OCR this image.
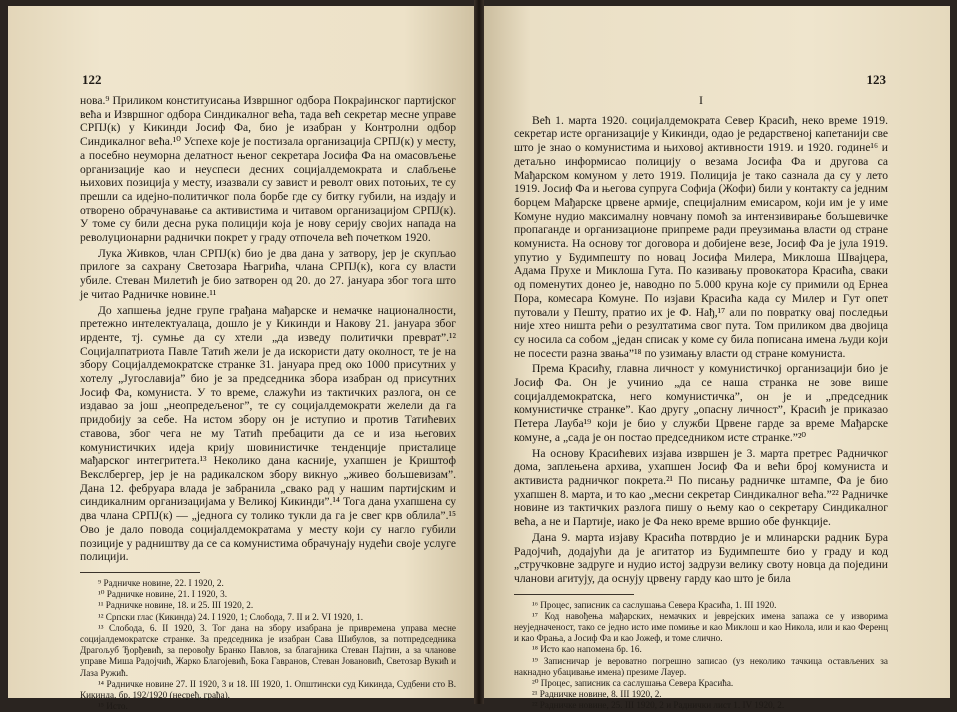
122

нова.⁹ Приликом конституисања Извршног одбора Покрајинског партијског већа и Извршног одбора Синдикалног већа, тада већ секретар месне управе СРПЈ(к) у Кикинди Јосиф Фа, био је изабран у Контролни одбор Синдикалног већа.¹⁰ Успехе које је постизала организација СРПЈ(к) у месту, а посебно неуморна делатност њеног секретара Јосифа Фа на омасовљење организације као и неуспеси десних социјалдемократа и слабљење њихових позиција у месту, изазвали су завист и револт ових потоњих, те су прешли са идејно-политичког пола борбе где су битку губили, на издају и отворено обрачунавање са активистима и читавом организацијом СРПЈ(к). У томе су били десна рука полицији која је нову серију својих напада на револуционарни раднички покрет у граду отпочела већ почетком 1920.

Лука Живков, члан СРПЈ(к) био је два дана у затвору, јер је скупљао прилоге за сахрану Светозара Њагрића, члана СРПЈ(к), кога су власти убиле. Стеван Милетић је био затворен од 20. до 27. јануара због тога што је читао Радничке новине.¹¹

До хапшења једне групе грађана мађарске и немачке националности, претежно интелектуалаца, дошло је у Кикинди и Накову 21. јануара због ирденте, тј. сумње да су хтели „да изведу политички преврат”.¹² Социјалпатриота Павле Татић жели је да искористи дату околност, те је на збору Социјалдемократске странке 31. јануара пред око 1000 присутних у хотелу „Југославија” био је за председника збора изабран од присутних Јосиф Фа, комуниста. У то време, слажући из тактичких разлога, он се издавао за још „неопредељеног”, те су социјалдемократи желели да га придобију за себе. На истом збору он је иступио и против Татићевих ставова, због чега не му Татић пребацити да се и иза његових комунистичких идеја крију шовинистичке тенденције присталице мађарског интегритета.¹³ Неколико дана касније, ухапшен је Криштоф Векслбергер, јер је на радикалском збору викнуо „живео бољшевизам”. Дана 12. фебруара влада је забранила „свакo рад у нашим партијским и синдикалним организацијама у Великој Кикинди”.¹⁴ Тога дана ухапшена су два члана СРПЈ(к) — „једнога су толико тукли да га је свег крв облила”.¹⁵ Ово је дало повода социјалдемократама у месту који су нагло губили позиције у радништву да се са комунистима обрачунају нудећи своје услуге полицији.

⁹ Радничке новине, 22. I 1920, 2.
¹⁰ Радничке новине, 21. I 1920, 3.
¹¹ Радничке новине, 18. и 25. III 1920, 2.
¹² Српски глас (Кикинда) 24. I 1920, 1; Слобода, 7. II и 2. VI 1920, 1.
¹³ Слобода, 6. II 1920, 3. Тог дана на збору изабрана је привремена управа месне социјалдемократске странке. За председника је изабран Сава Шибулов, за потпредседника Драгољуб Ђорђевић, за перовођу Бранко Павлов, за благајника Стеван Пајтин, а за чланове управе Миша Радојчић, Жарко Благојевић, Бока Гавранов, Стеван Јовановић, Светозар Вукић и Лаза Ружић.
¹⁴ Радничке новине 27. II 1920, 3 и 18. III 1920, 1. Општински суд Кикинда, Судбени сто В. Кикинда, бр. 192/1920 (несређ. грађа).
¹⁵ Исто.
123
I

Већ 1. марта 1920. социјалдемократа Север Красић, неко време 1919. секретар исте организације у Кикинди, одао је редарственој капетанији све што је знао о комунистима и њиховој активности 1919. и 1920. године¹⁶ и детаљно информисао полицију о везама Јосифа Фа и другова са Мађарском комуном у лето 1919. Полиција је тако сазнала да су у лето 1919. Јосиф Фа и његова супруга Софија (Жофи) били у контакту са једним борцем Мађарске црвене армије, специјалним емисаром, који им је у име Комуне нудио максималну новчану помоћ за интензивирање бољшевичке пропаганде и организационе припреме ради преузимања власти од стране комуниста. На основу тог договора и добијене везе, Јосиф Фа је јула 1919. упутио у Будимпешту по новац Јосифа Милера, Миклоша Шваjцера, Адама Прухе и Миклоша Гута. По казивању провокатора Красића, сваки од поменутих донео је, наводно по 5.000 круна које су примили од Ернеа Пора, комесара Комуне. По изјави Красића када су Милер и Гут опет путовали у Пешту, пратио их је Ф. Нађ,¹⁷ али по повратку овај последњи није хтео ништа рећи о резултатима свог пута. Том приликом два двојица су носила са собом „један списак у коме су била пописана имена људи који не посести разна звања”¹⁸ по узимању власти од стране комуниста.

Према Красићу, главна личност у комунистичкој организацији био је Јосиф Фа. Он је учинио „да се наша странка не зове више социјалдемократска, него комунистичка”, он је и „председник комунистичке странке”. Као другу „опасну личност”, Красић је приказао Петера Лауба¹⁹ који је био у служби Црвене гарде за време Мађарске комуне, а „сада је он постао председником исте странке.”²⁰

На основу Красићевих изјава извршен је 3. марта претрес Радничког дома, заплењена архива, ухапшен Јосиф Фа и већи број комуниста и активиста радничког покрета.²¹ По писању радничке штампе, Фа је био ухапшен 8. марта, и то као „месни секретар Синдикалног већа.”²² Радничке новине из тактичких разлога пишу о њему као о секретару Синдикалног већа, а не и Партије, иако је Фа неко време вршио обе функције.

Дана 9. марта изјаву Красића потврдио је и млинарски радник Бура Радојчић, додајући да је агитатор из Будимпеште био у граду и код „стручковне задруге и нудио истој задрузи велику своту новца да поједини чланови агитују, да оснују црвену гарду као што је била

¹⁶ Процес, записник са саслушања Севера Красића, 1. III 1920.
¹⁷ Код навођења мађарских, немачких и јеврејских имена запажа се у изворима неуједначеност, тако се једно исто име помиње и као Миклош и као Никола, или и као Ференц и као Фрања, а Јосиф Фа и као Јожеф, и томе слично.
¹⁸ Исто као напомена бр. 16.
¹⁹ Записничар је вероватно погрешно записао (уз неколико тачкица остављених за накнадно убацивање имена) презиме Лауер.
²⁰ Процес, записник са саслушања Севера Красића.
²¹ Радничке новине, 8. III 1920, 2.
²² Радничке новине, 25. III 1920, 2 и Раднички лист 1. IV 1920, 2.
